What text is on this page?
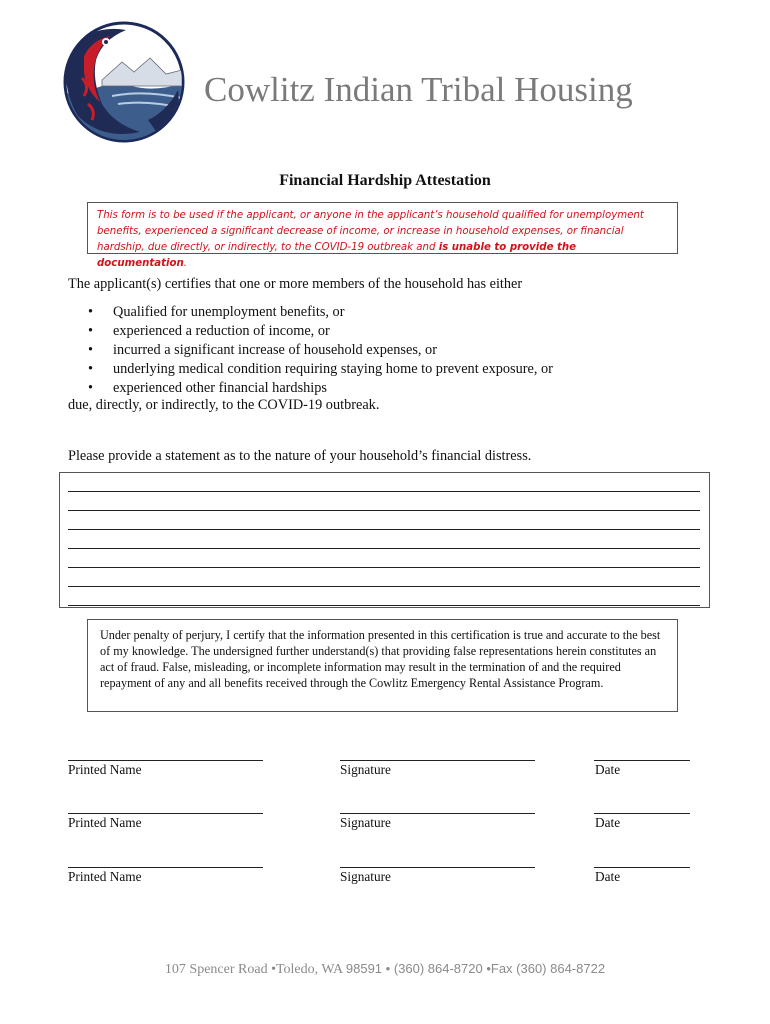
Cowlitz Indian Tribal Housing
Financial Hardship Attestation
This form is to be used if the applicant, or anyone in the applicant’s household qualified for unemployment benefits, experienced a significant decrease of income, or increase in household expenses, or financial hardship, due directly, or indirectly, to the COVID-19 outbreak and is unable to provide the documentation.
The applicant(s) certifies that one or more members of the household has either
• Qualified for unemployment benefits, or
• experienced a reduction of income, or
• incurred a significant increase of household expenses, or
• underlying medical condition requiring staying home to prevent exposure, or
• experienced other financial hardships
due, directly, or indirectly, to the COVID-19 outbreak.
Please provide a statement as to the nature of your household’s financial distress.
Under penalty of perjury, I certify that the information presented in this certification is true and accurate to the best of my knowledge. The undersigned further understand(s) that providing false representations herein constitutes an act of fraud. False, misleading, or incomplete information may result in the termination of and the required repayment of any and all benefits received through the Cowlitz Emergency Rental Assistance Program.
Printed Name	Signature	Date
Printed Name	Signature	Date
Printed Name	Signature	Date
107 Spencer Road •Toledo, WA 98591 • (360) 864-8720 •Fax (360) 864-8722
